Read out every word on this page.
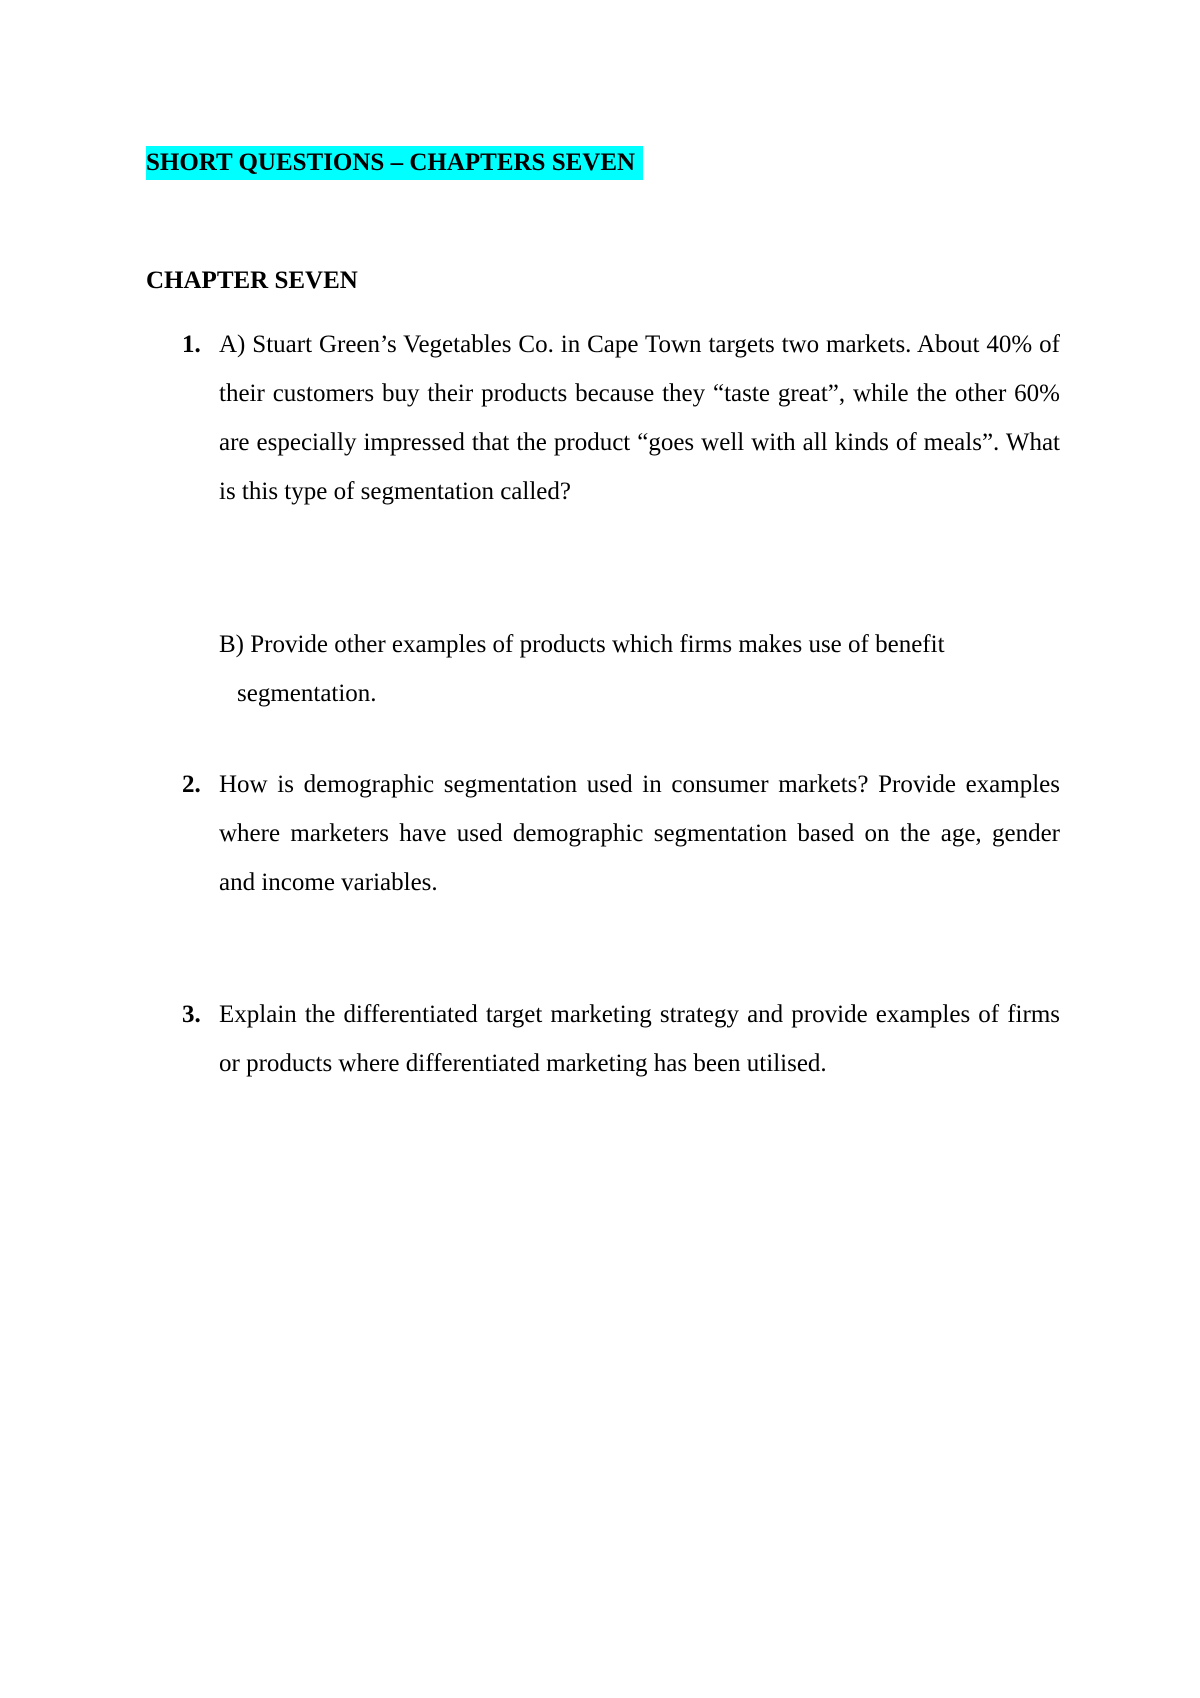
SHORT QUESTIONS – CHAPTERS SEVEN
CHAPTER SEVEN
1. A) Stuart Green’s Vegetables Co. in Cape Town targets two markets. About 40% of their customers buy their products because they “taste great”, while the other 60% are especially impressed that the product “goes well with all kinds of meals”. What is this type of segmentation called?
B) Provide other examples of products which firms makes use of benefit
segmentation.
2. How is demographic segmentation used in consumer markets? Provide examples where marketers have used demographic segmentation based on the age, gender and income variables.
3. Explain the differentiated target marketing strategy and provide examples of firms or products where differentiated marketing has been utilised.
